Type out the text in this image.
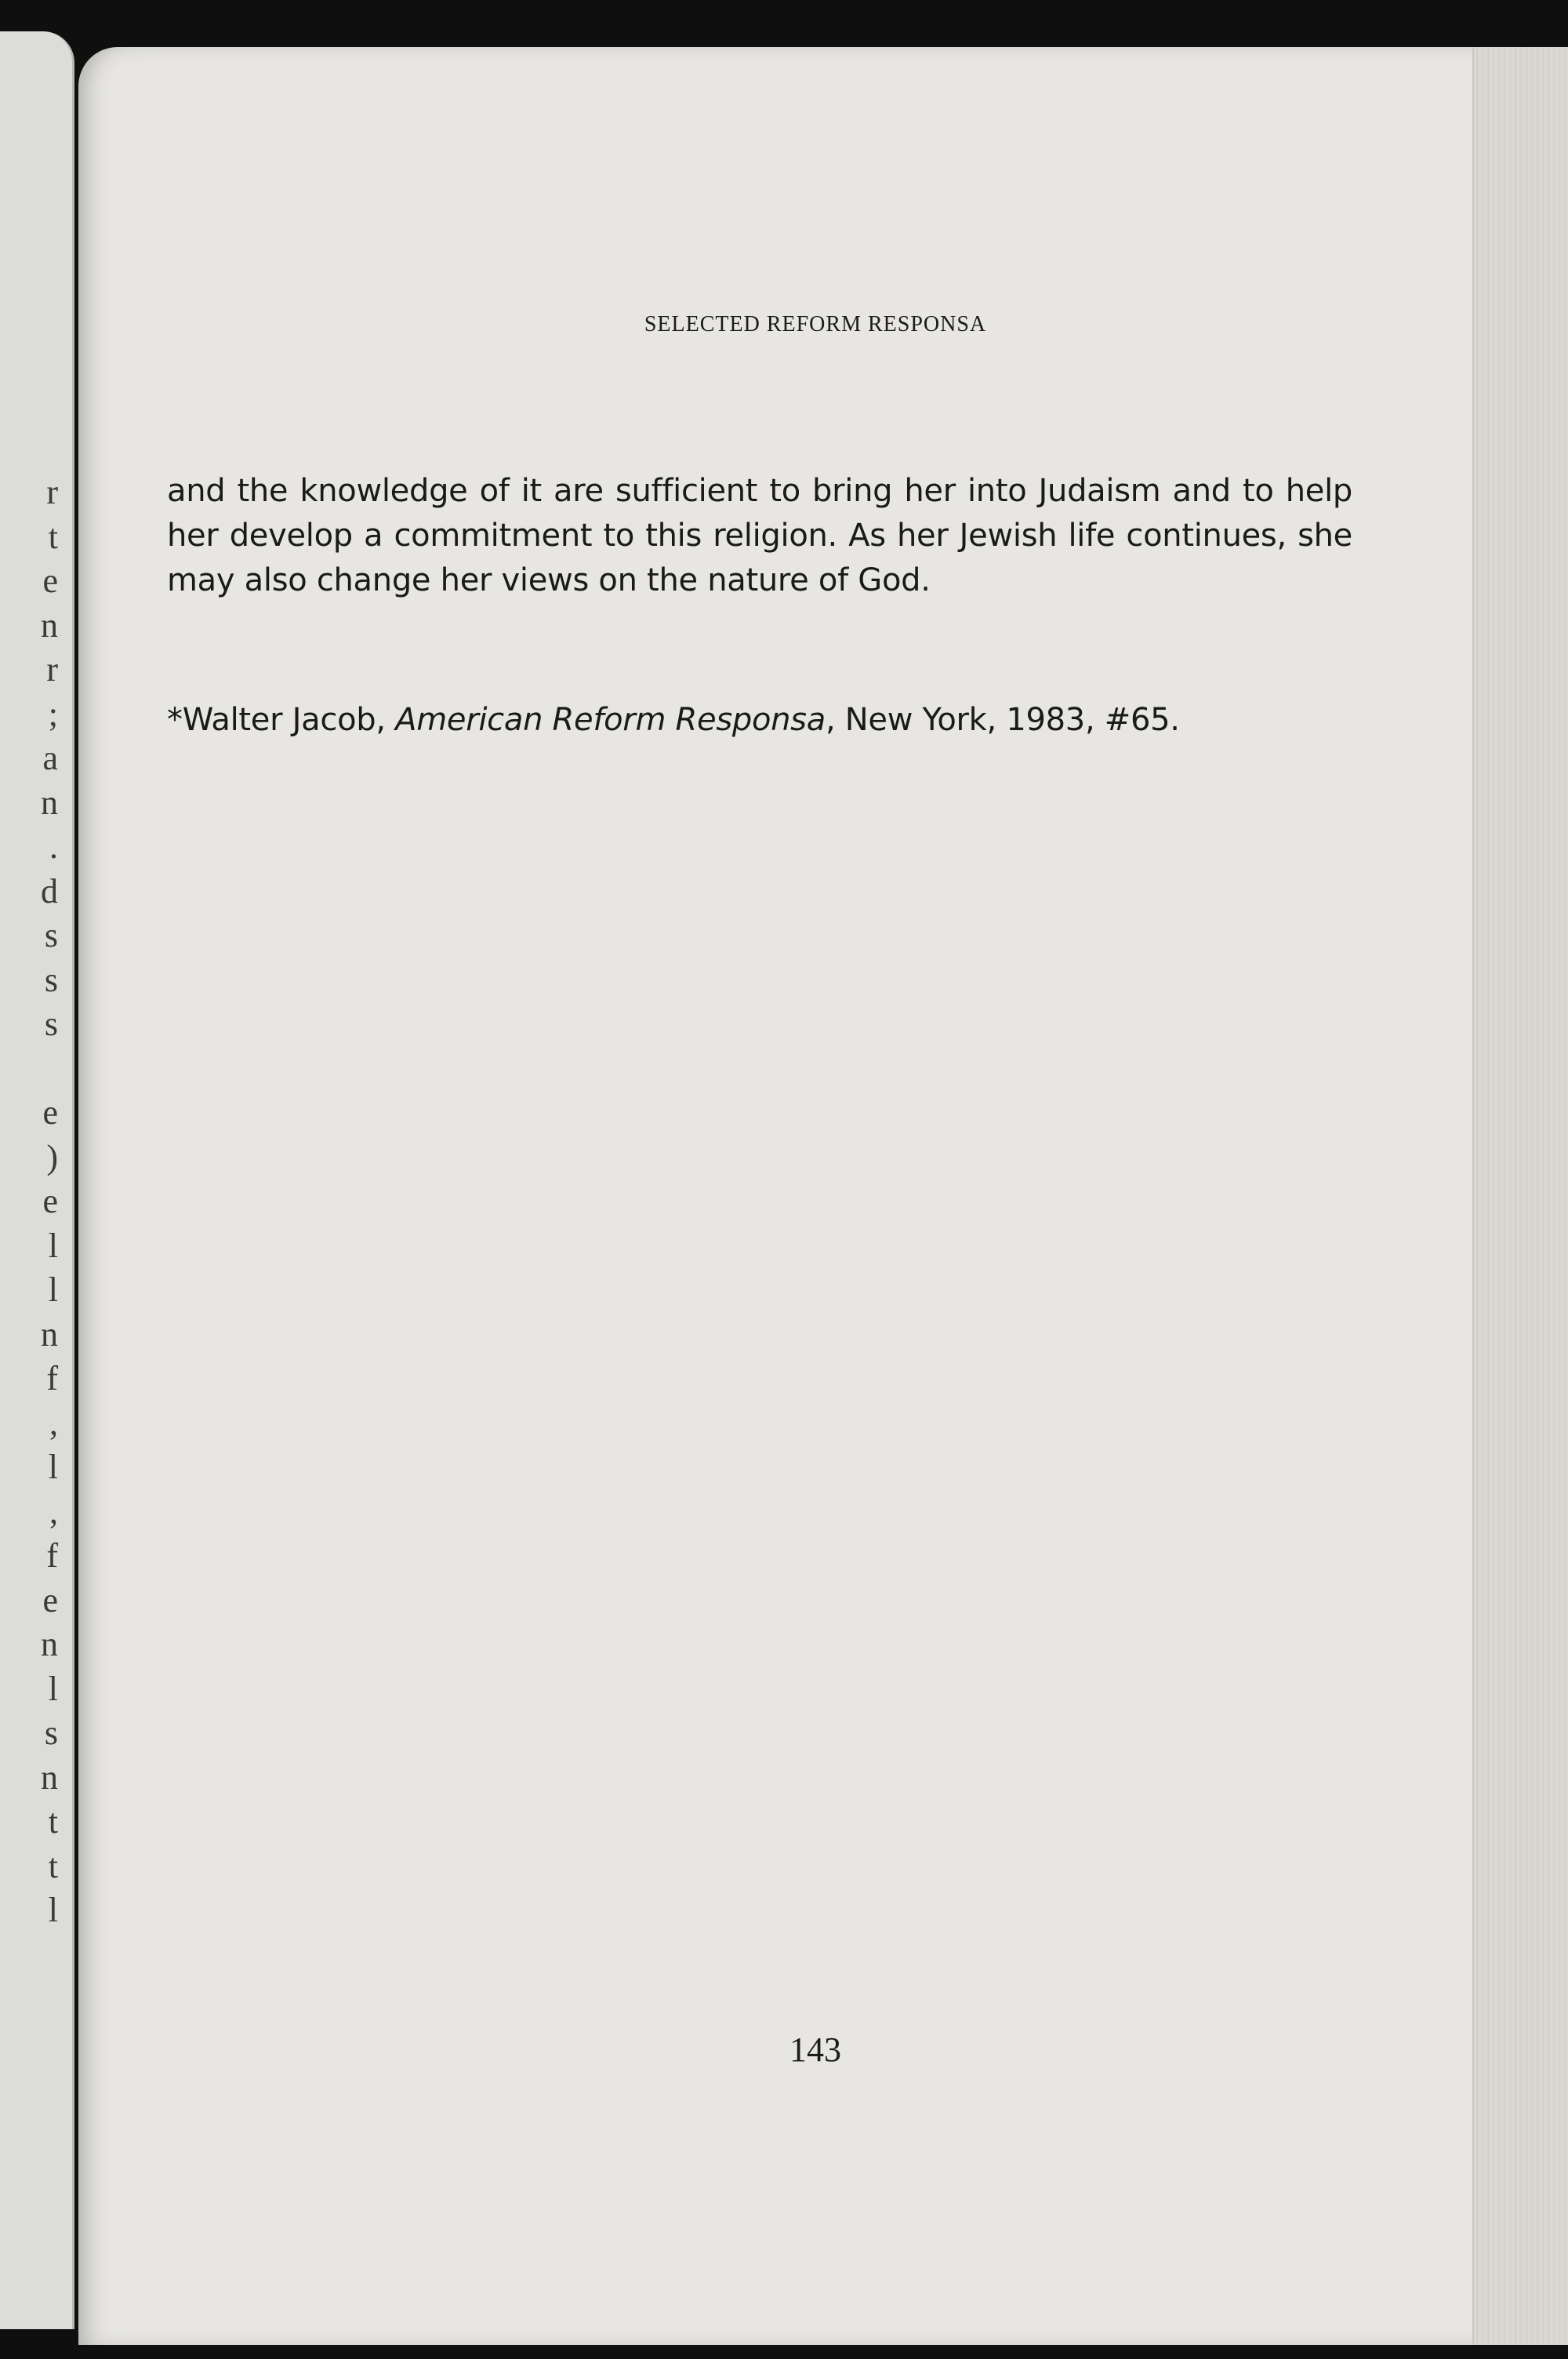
r
t
e
n
r
;
a
n
.
d
s
s
s

e
)
e
l
l
n
f
,
l
,
f
e
n
l
s
n
t
t
l
SELECTED REFORM RESPONSA

and the knowledge of it are sufficient to bring her into Judaism and to help her develop a commitment to this religion. As her Jewish life continues, she may also change her views on the nature of God.

*Walter Jacob, American Reform Responsa, New York, 1983, #65.
143
